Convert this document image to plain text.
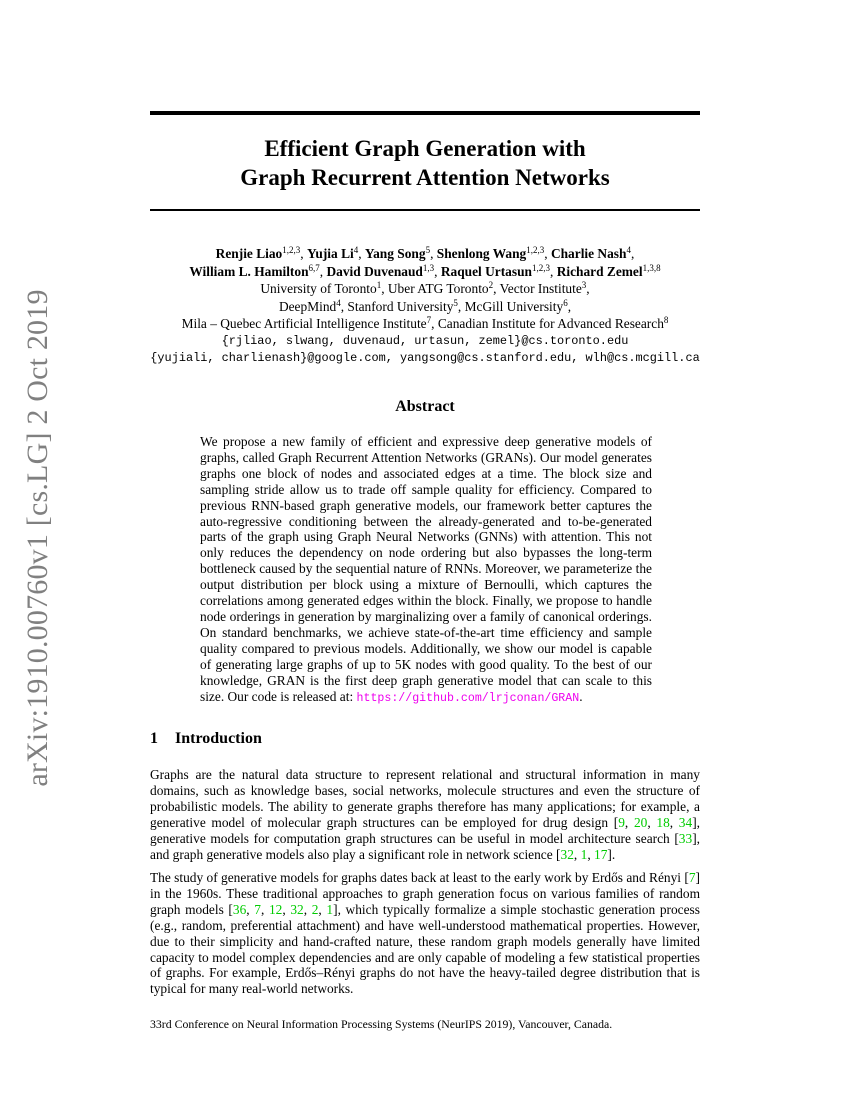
arXiv:1910.00760v1 [cs.LG] 2 Oct 2019
Efficient Graph Generation with
Graph Recurrent Attention Networks
Renjie Liao$^{1,2,3}$, Yujia Li$^4$, Yang Song$^5$, Shenlong Wang$^{1,2,3}$, Charlie Nash$^4$,
William L. Hamilton$^{6,7}$, David Duvenaud$^{1,3}$, Raquel Urtasun$^{1,2,3}$, Richard Zemel$^{1,3,8}$
University of Toronto$^1$, Uber ATG Toronto$^2$, Vector Institute$^3$,
DeepMind$^4$, Stanford University$^5$, McGill University$^6$,
Mila – Quebec Artificial Intelligence Institute$^7$, Canadian Institute for Advanced Research$^8$
{rjliao, slwang, duvenaud, urtasun, zemel}@cs.toronto.edu
{yujiali, charlienash}@google.com, yangsong@cs.stanford.edu, wlh@cs.mcgill.ca
Abstract
We propose a new family of efficient and expressive deep generative models of graphs, called Graph Recurrent Attention Networks (GRANs). Our model generates graphs one block of nodes and associated edges at a time. The block size and sampling stride allow us to trade off sample quality for efficiency. Compared to previous RNN-based graph generative models, our framework better captures the auto-regressive conditioning between the already-generated and to-be-generated parts of the graph using Graph Neural Networks (GNNs) with attention. This not only reduces the dependency on node ordering but also bypasses the long-term bottleneck caused by the sequential nature of RNNs. Moreover, we parameterize the output distribution per block using a mixture of Bernoulli, which captures the correlations among generated edges within the block. Finally, we propose to handle node orderings in generation by marginalizing over a family of canonical orderings. On standard benchmarks, we achieve state-of-the-art time efficiency and sample quality compared to previous models. Additionally, we show our model is capable of generating large graphs of up to 5K nodes with good quality. To the best of our knowledge, GRAN is the first deep graph generative model that can scale to this size. Our code is released at: https://github.com/lrjconan/GRAN.
1 Introduction

Graphs are the natural data structure to represent relational and structural information in many domains, such as knowledge bases, social networks, molecule structures and even the structure of probabilistic models. The ability to generate graphs therefore has many applications; for example, a generative model of molecular graph structures can be employed for drug design [9, 20, 18, 34], generative models for computation graph structures can be useful in model architecture search [33], and graph generative models also play a significant role in network science [32, 1, 17].

The study of generative models for graphs dates back at least to the early work by Erdős and Rényi [7] in the 1960s. These traditional approaches to graph generation focus on various families of random graph models [36, 7, 12, 32, 2, 1], which typically formalize a simple stochastic generation process (e.g., random, preferential attachment) and have well-understood mathematical properties. However, due to their simplicity and hand-crafted nature, these random graph models generally have limited capacity to model complex dependencies and are only capable of modeling a few statistical properties of graphs. For example, Erdős–Rényi graphs do not have the heavy-tailed degree distribution that is typical for many real-world networks.

33rd Conference on Neural Information Processing Systems (NeurIPS 2019), Vancouver, Canada.
